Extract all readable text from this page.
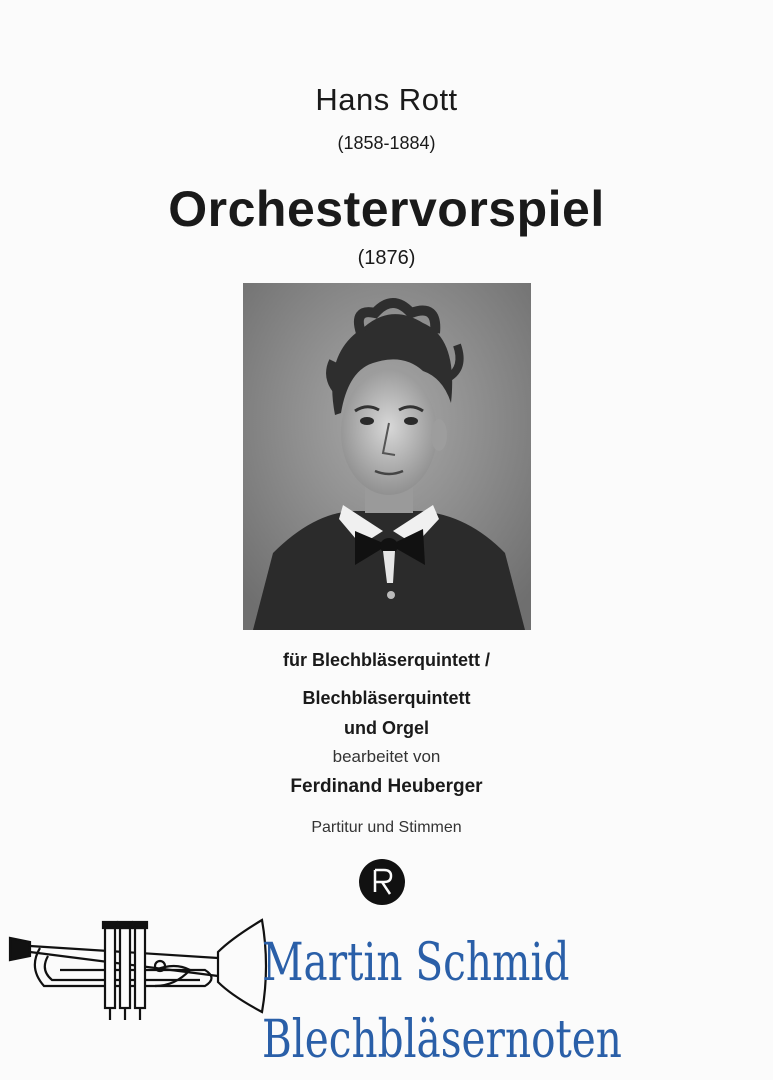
Hans Rott
(1858-1884)
Orchestervorspiel
(1876)
für Blechbläserquintett /
Blechbläserquintett
und Orgel
bearbeitet von
Ferdinand Heuberger
Partitur und Stimmen
Martin Schmid
Blechbläsernoten
